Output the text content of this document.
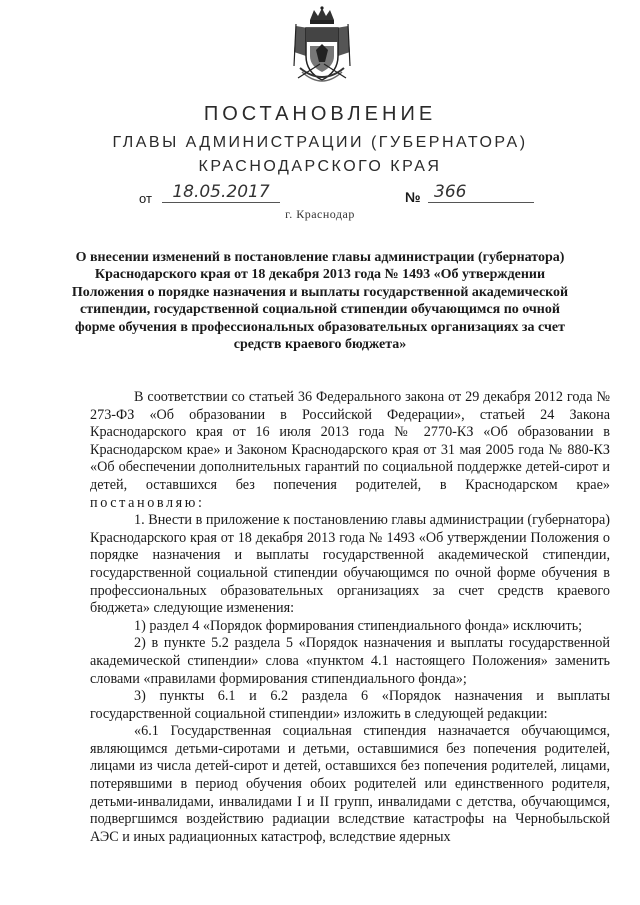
ПОСТАНОВЛЕНИЕ
ГЛАВЫ АДМИНИСТРАЦИИ (ГУБЕРНАТОРА)
КРАСНОДАРСКОГО КРАЯ
от	18.05.2017	№ 366
г. Краснодар
О внесении изменений в постановление главы администрации (губернатора) Краснодарского края от 18 декабря 2013 года № 1493 «Об утверждении Положения о порядке назначения и выплаты государственной академической стипендии, государственной социальной стипендии обучающимся по очной форме обучения в профессиональных образовательных организациях за счет средств краевого бюджета»

В соответствии со статьей 36 Федерального закона от 29 декабря 2012 года № 273-ФЗ «Об образовании в Российской Федерации», статьей 24 Закона Краснодарского края от 16 июля 2013 года № 2770-КЗ «Об образовании в Краснодарском крае» и Законом Краснодарского края от 31 мая 2005 года № 880-КЗ «Об обеспечении дополнительных гарантий по социальной поддержке детей-сирот и детей, оставшихся без попечения родителей, в Краснодарском крае» постановляю:

1. Внести в приложение к постановлению главы администрации (губернатора) Краснодарского края от 18 декабря 2013 года № 1493 «Об утверждении Положения о порядке назначения и выплаты государственной академической стипендии, государственной социальной стипендии обучающимся по очной форме обучения в профессиональных образовательных организациях за счет средств краевого бюджета» следующие изменения:

1) раздел 4 «Порядок формирования стипендиального фонда» исключить;

2) в пункте 5.2 раздела 5 «Порядок назначения и выплаты государственной академической стипендии» слова «пунктом 4.1 настоящего Положения» заменить словами «правилами формирования стипендиального фонда»;

3) пункты 6.1 и 6.2 раздела 6 «Порядок назначения и выплаты государственной социальной стипендии» изложить в следующей редакции:

«6.1 Государственная социальная стипендия назначается обучающимся, являющимся детьми-сиротами и детьми, оставшимися без попечения родителей, лицами из числа детей-сирот и детей, оставшихся без попечения родителей, лицами, потерявшими в период обучения обоих родителей или единственного родителя, детьми-инвалидами, инвалидами I и II групп, инвалидами с детства, обучающимся, подвергшимся воздействию радиации вследствие катастрофы на Чернобыльской АЭС и иных радиационных катастроф, вследствие ядерных
